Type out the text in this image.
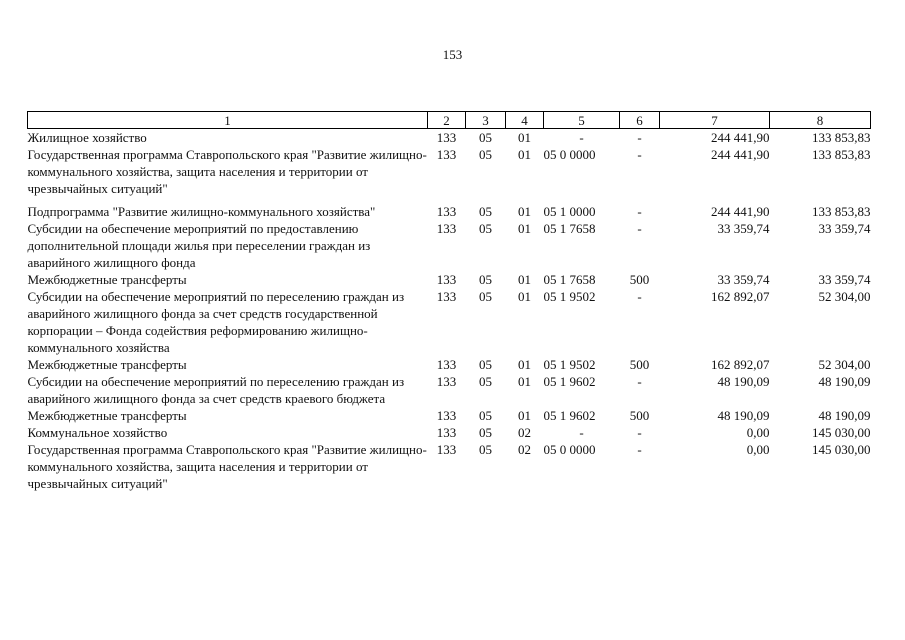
153
1	2	3	4	5	6	7	8
Жилищное хозяйство	133	05	01	-	-	244 441,90	133 853,83
Государственная программа Ставропольского края "Развитие жилищно-коммунального хозяйства, защита населения и территории от чрезвычайных ситуаций"	133	05	01	05 0 0000	-	244 441,90	133 853,83
Подпрограмма "Развитие жилищно-коммунального хозяйства"	133	05	01	05 1 0000	-	244 441,90	133 853,83
Субсидии на обеспечение мероприятий по предоставлению дополнительной площади жилья при переселении граждан из аварийного жилищного фонда	133	05	01	05 1 7658	-	33 359,74	33 359,74
Межбюджетные трансферты	133	05	01	05 1 7658	500	33 359,74	33 359,74
Субсидии на обеспечение мероприятий по переселению граждан из аварийного жилищного фонда за счет средств государственной корпорации – Фонда содействия реформированию жилищно-коммунального хозяйства	133	05	01	05 1 9502	-	162 892,07	52 304,00
Межбюджетные трансферты	133	05	01	05 1 9502	500	162 892,07	52 304,00
Субсидии на обеспечение мероприятий по переселению граждан из аварийного жилищного фонда за счет средств краевого бюджета	133	05	01	05 1 9602	-	48 190,09	48 190,09
Межбюджетные трансферты	133	05	01	05 1 9602	500	48 190,09	48 190,09
Коммунальное хозяйство	133	05	02	-	-	0,00	145 030,00
Государственная программа Ставропольского края "Развитие жилищно-коммунального хозяйства, защита населения и территории от чрезвычайных ситуаций"	133	05	02	05 0 0000	-	0,00	145 030,00
